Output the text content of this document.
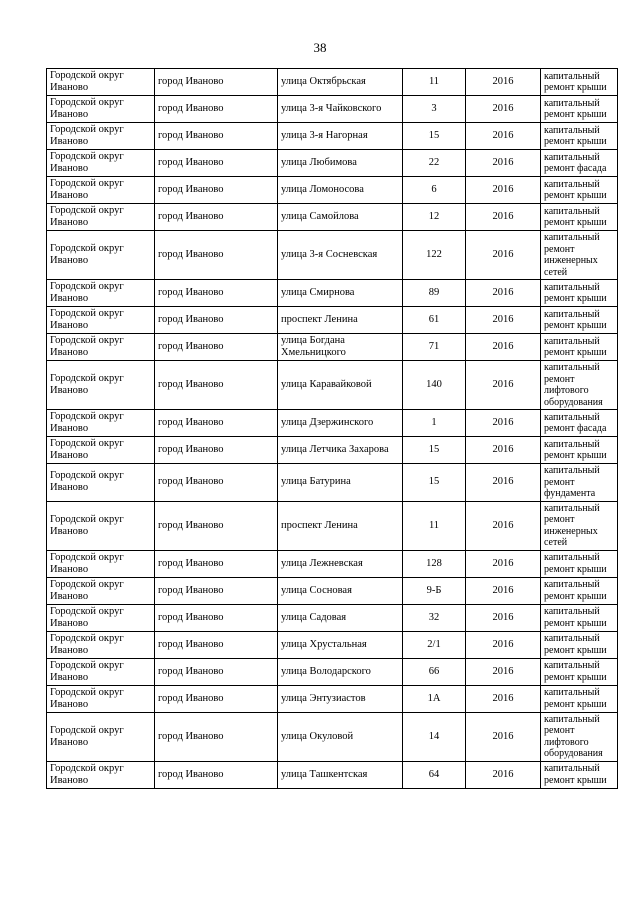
38
Городской округ Иваново	город Иваново	улица Октябрьская	11	2016	капитальный ремонт крыши
Городской округ Иваново	город Иваново	улица 3-я Чайковского	3	2016	капитальный ремонт крыши
Городской округ Иваново	город Иваново	улица 3-я Нагорная	15	2016	капитальный ремонт крыши
Городской округ Иваново	город Иваново	улица Любимова	22	2016	капитальный ремонт фасада
Городской округ Иваново	город Иваново	улица Ломоносова	6	2016	капитальный ремонт крыши
Городской округ Иваново	город Иваново	улица Самойлова	12	2016	капитальный ремонт крыши
Городской округ Иваново	город Иваново	улица 3-я Сосневская	122	2016	капитальный ремонт инженерных сетей
Городской округ Иваново	город Иваново	улица Смирнова	89	2016	капитальный ремонт крыши
Городской округ Иваново	город Иваново	проспект Ленина	61	2016	капитальный ремонт крыши
Городской округ Иваново	город Иваново	улица Богдана Хмельницкого	71	2016	капитальный ремонт крыши
Городской округ Иваново	город Иваново	улица Каравайковой	140	2016	капитальный ремонт лифтового оборудования
Городской округ Иваново	город Иваново	улица Дзержинского	1	2016	капитальный ремонт фасада
Городской округ Иваново	город Иваново	улица Летчика Захарова	15	2016	капитальный ремонт крыши
Городской округ Иваново	город Иваново	улица Батурина	15	2016	капитальный ремонт фундамента
Городской округ Иваново	город Иваново	проспект Ленина	11	2016	капитальный ремонт инженерных сетей
Городской округ Иваново	город Иваново	улица Лежневская	128	2016	капитальный ремонт крыши
Городской округ Иваново	город Иваново	улица Сосновая	9-Б	2016	капитальный ремонт крыши
Городской округ Иваново	город Иваново	улица Садовая	32	2016	капитальный ремонт крыши
Городской округ Иваново	город Иваново	улица Хрустальная	2/1	2016	капитальный ремонт крыши
Городской округ Иваново	город Иваново	улица Володарского	66	2016	капитальный ремонт крыши
Городской округ Иваново	город Иваново	улица Энтузиастов	1А	2016	капитальный ремонт крыши
Городской округ Иваново	город Иваново	улица Окуловой	14	2016	капитальный ремонт лифтового оборудования
Городской округ Иваново	город Иваново	улица Ташкентская	64	2016	капитальный ремонт крыши
